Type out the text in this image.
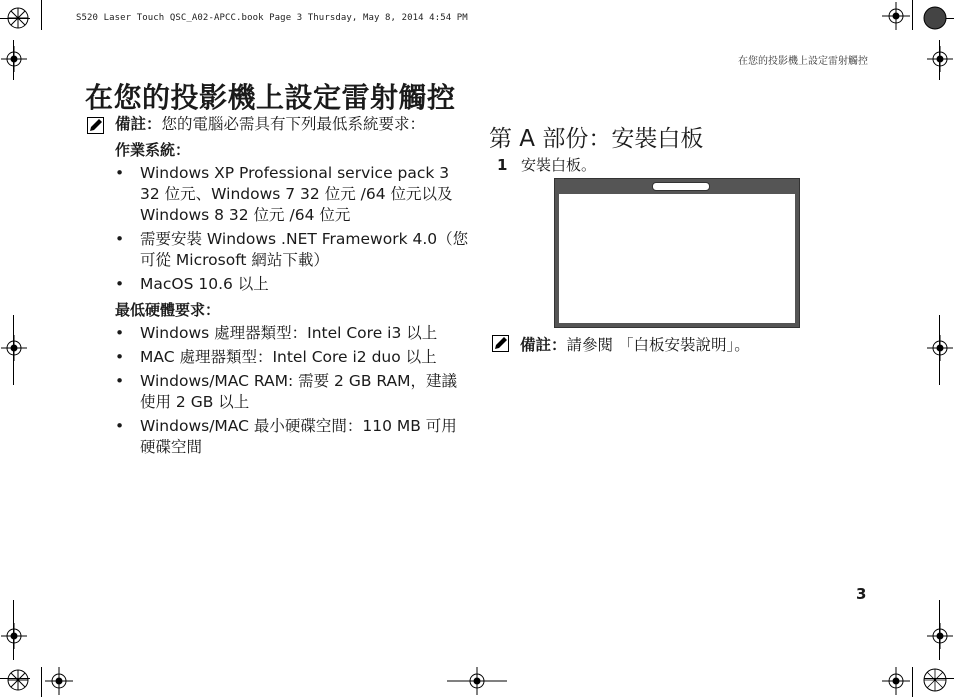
S520 Laser Touch QSC_A02-APCC.book Page 3 Thursday, May 8, 2014 4:54 PM
在您的投影機上設定雷射觸控
在您的投影機上設定雷射觸控
備註：您的電腦必需具有下列最低系統要求：
作業系統：
• Windows XP Professional service pack 3 32 位元、Windows 7 32 位元 /64 位元以及 Windows 8 32 位元 /64 位元
• 需要安裝 Windows .NET Framework 4.0（您可從 Microsoft 網站下載）
• MacOS 10.6 以上
最低硬體要求：
• Windows 處理器類型：Intel Core i3 以上
• MAC 處理器類型：Intel Core i2 duo 以上
• Windows/MAC RAM: 需要 2 GB RAM，建議使用 2 GB 以上
• Windows/MAC 最小硬碟空間：110 MB 可用硬碟空間
第 A 部份：安裝白板
1 安裝白板。
備註：請參閱 「白板安裝說明」。
3
